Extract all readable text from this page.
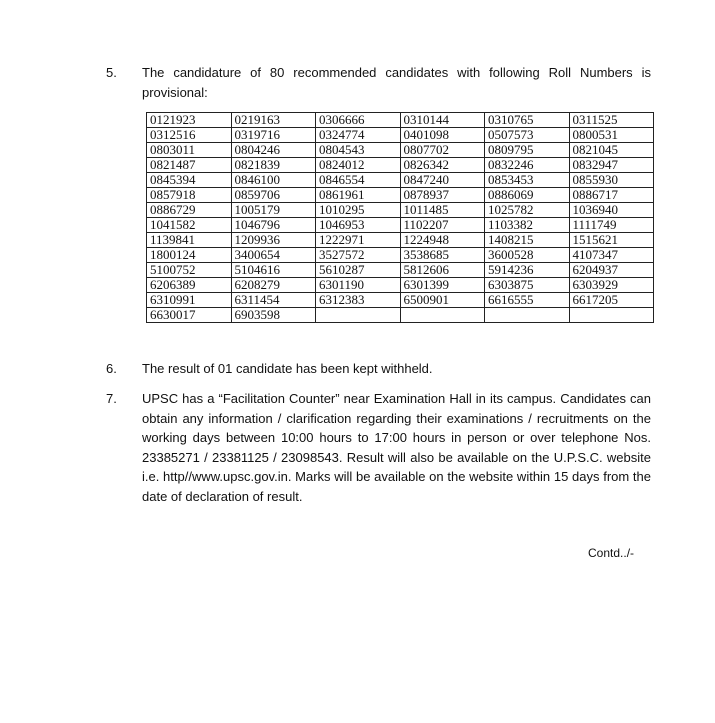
5. The candidature of 80 recommended candidates with following Roll Numbers is provisional:
0121923	0219163	0306666	0310144	0310765	0311525
0312516	0319716	0324774	0401098	0507573	0800531
0803011	0804246	0804543	0807702	0809795	0821045
0821487	0821839	0824012	0826342	0832246	0832947
0845394	0846100	0846554	0847240	0853453	0855930
0857918	0859706	0861961	0878937	0886069	0886717
0886729	1005179	1010295	1011485	1025782	1036940
1041582	1046796	1046953	1102207	1103382	1111749
1139841	1209936	1222971	1224948	1408215	1515621
1800124	3400654	3527572	3538685	3600528	4107347
5100752	5104616	5610287	5812606	5914236	6204937
6206389	6208279	6301190	6301399	6303875	6303929
6310991	6311454	6312383	6500901	6616555	6617205
6630017	6903598				
6. The result of 01 candidate has been kept withheld.
7. UPSC has a “Facilitation Counter” near Examination Hall in its campus. Candidates can obtain any information / clarification regarding their examinations / recruitments on the working days between 10:00 hours to 17:00 hours in person or over telephone Nos. 23385271 / 23381125 / 23098543. Result will also be available on the U.P.S.C. website i.e. http//www.upsc.gov.in. Marks will be available on the website within 15 days from the date of declaration of result.
Contd../-
